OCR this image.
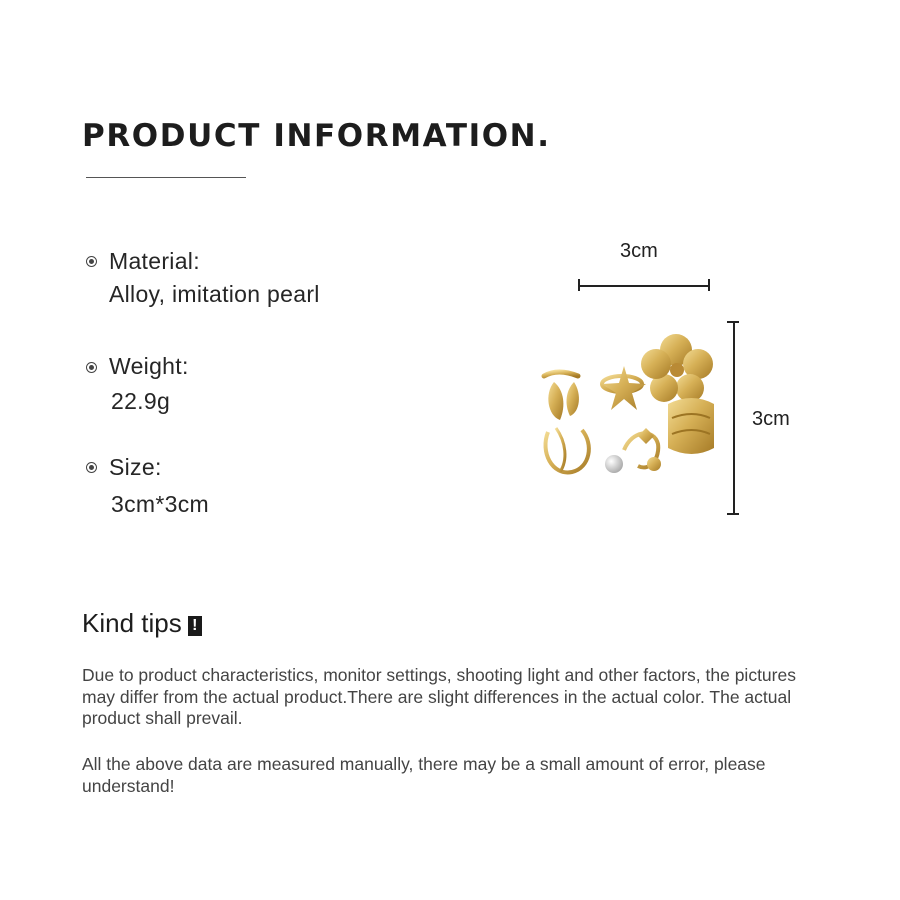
PRODUCT INFORMATION.
Material:
Alloy, imitation pearl
Weight:
22.9g
Size:
3cm*3cm
3cm
3cm
Kind tips !
Due to product characteristics, monitor settings, shooting light and other factors, the pictures may differ from the actual product.There are slight differences in the actual color. The actual product shall prevail.
All the above data are measured manually, there may be a small amount of error, please understand!
